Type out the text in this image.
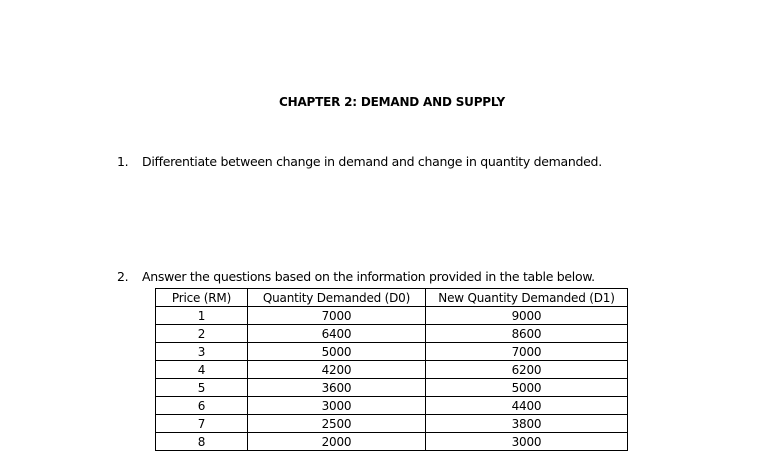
CHAPTER 2: DEMAND AND SUPPLY
1. Differentiate between change in demand and change in quantity demanded.
2. Answer the questions based on the information provided in the table below.
Price (RM)	Quantity Demanded (D0)	New Quantity Demanded (D1)
1	7000	9000
2	6400	8600
3	5000	7000
4	4200	6200
5	3600	5000
6	3000	4400
7	2500	3800
8	2000	3000
